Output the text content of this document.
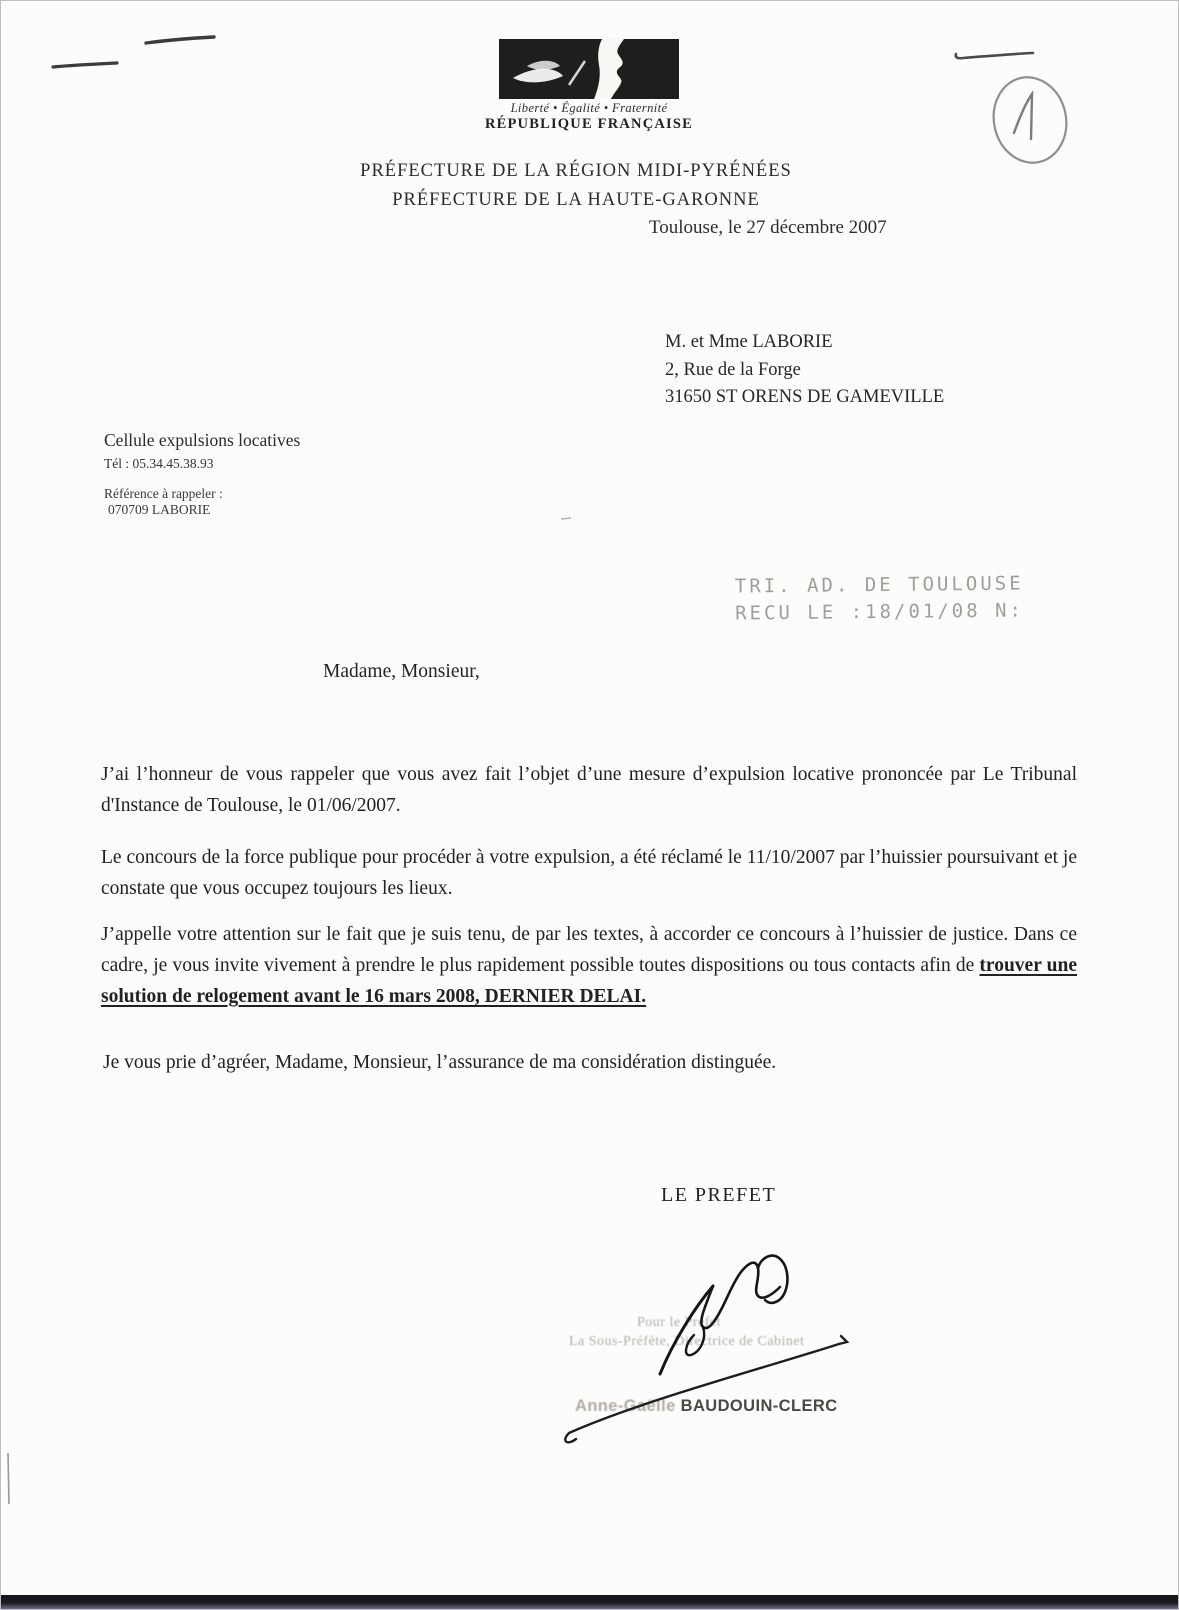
Liberté • Égalité • Fraternité
RÉPUBLIQUE FRANÇAISE
PRÉFECTURE DE LA RÉGION MIDI-PYRÉNÉES
PRÉFECTURE DE LA HAUTE-GARONNE
Toulouse, le 27 décembre 2007
M. et Mme LABORIE
2, Rue de la Forge
31650 ST ORENS DE GAMEVILLE
Cellule expulsions locatives
Tél : 05.34.45.38.93
Référence à rappeler :
070709 LABORIE
TRI. AD. DE TOULOUSE
RECU LE :18/01/08 N:
Madame, Monsieur,

J’ai l’honneur de vous rappeler que vous avez fait l’objet d’une mesure d’expulsion locative prononcée par Le Tribunal d'Instance de Toulouse, le 01/06/2007.

Le concours de la force publique pour procéder à votre expulsion, a été réclamé le 11/10/2007 par l’huissier poursuivant et je constate que vous occupez toujours les lieux.

J’appelle votre attention sur le fait que je suis tenu, de par les textes, à accorder ce concours à l’huissier de justice. Dans ce cadre, je vous invite vivement à prendre le plus rapidement possible toutes dispositions ou tous contacts afin de trouver une solution de relogement avant le 16 mars 2008, DERNIER DELAI.

Je vous prie d’agréer, Madame, Monsieur, l’assurance de ma considération distinguée.
LE PREFET
Pour le Préfet
La Sous-Préfète, Directrice de Cabinet
Anne-Gaëlle BAUDOUIN-CLERC
